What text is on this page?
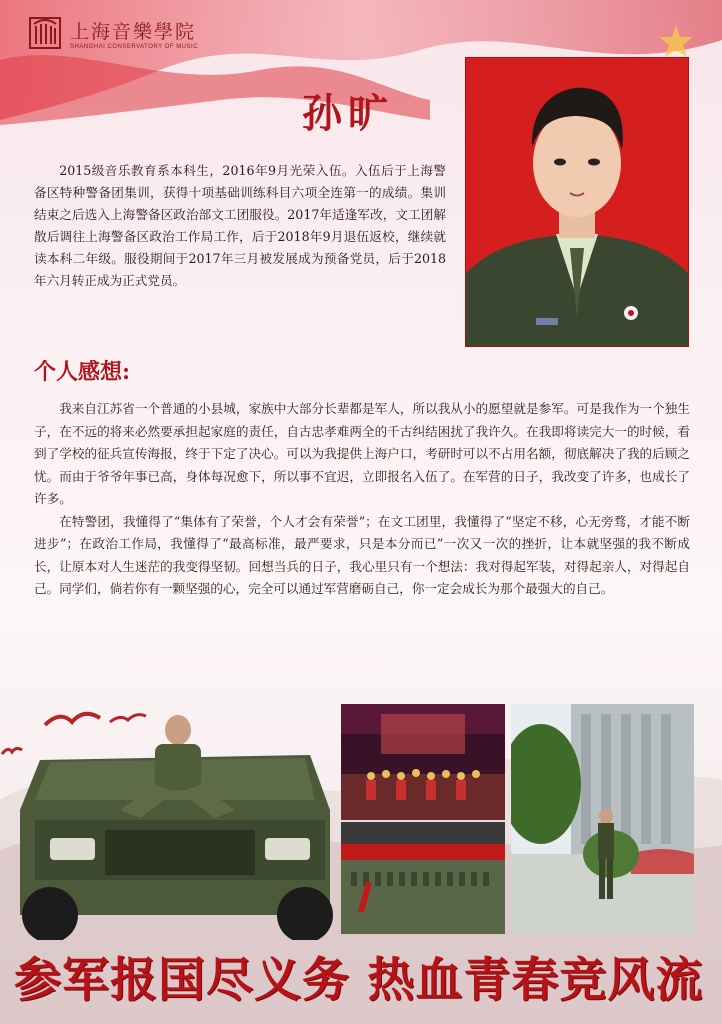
上海音樂學院
SHANGHAI CONSERVATORY OF MUSIC
孙旷
2015级音乐教育系本科生，2016年9月光荣入伍。入伍后于上海警备区特种警备团集训，获得十项基础训练科目六项全连第一的成绩。集训结束之后选入上海警备区政治部文工团服役。2017年适逢军改，文工团解散后调往上海警备区政治工作局工作，后于2018年9月退伍返校，继续就读本科二年级。服役期间于2017年三月被发展成为预备党员，后于2018年六月转正成为正式党员。
个人感想:

我来自江苏省一个普通的小县城，家族中大部分长辈都是军人，所以我从小的愿望就是参军。可是我作为一个独生子，在不远的将来必然要承担起家庭的责任，自古忠孝难两全的千古纠结困扰了我许久。在我即将读完大一的时候，看到了学校的征兵宣传海报，终于下定了决心。可以为我提供上海户口，考研时可以不占用名额，彻底解决了我的后顾之忧。而由于爷爷年事已高，身体每况愈下，所以事不宜迟，立即报名入伍了。在军营的日子，我改变了许多，也成长了许多。

在特警团，我懂得了“集体有了荣誉，个人才会有荣誉”；在文工团里，我懂得了“坚定不移，心无旁骛，才能不断进步”；在政治工作局，我懂得了“最高标准，最严要求，只是本分而已”一次又一次的挫折，让本就坚强的我不断成长，让原本对人生迷茫的我变得坚韧。回想当兵的日子，我心里只有一个想法：我对得起军装，对得起亲人，对得起自己。同学们，倘若你有一颗坚强的心，完全可以通过军营磨砺自己，你一定会成长为那个最强大的自己。

参军报国尽义务 热血青春竞风流
